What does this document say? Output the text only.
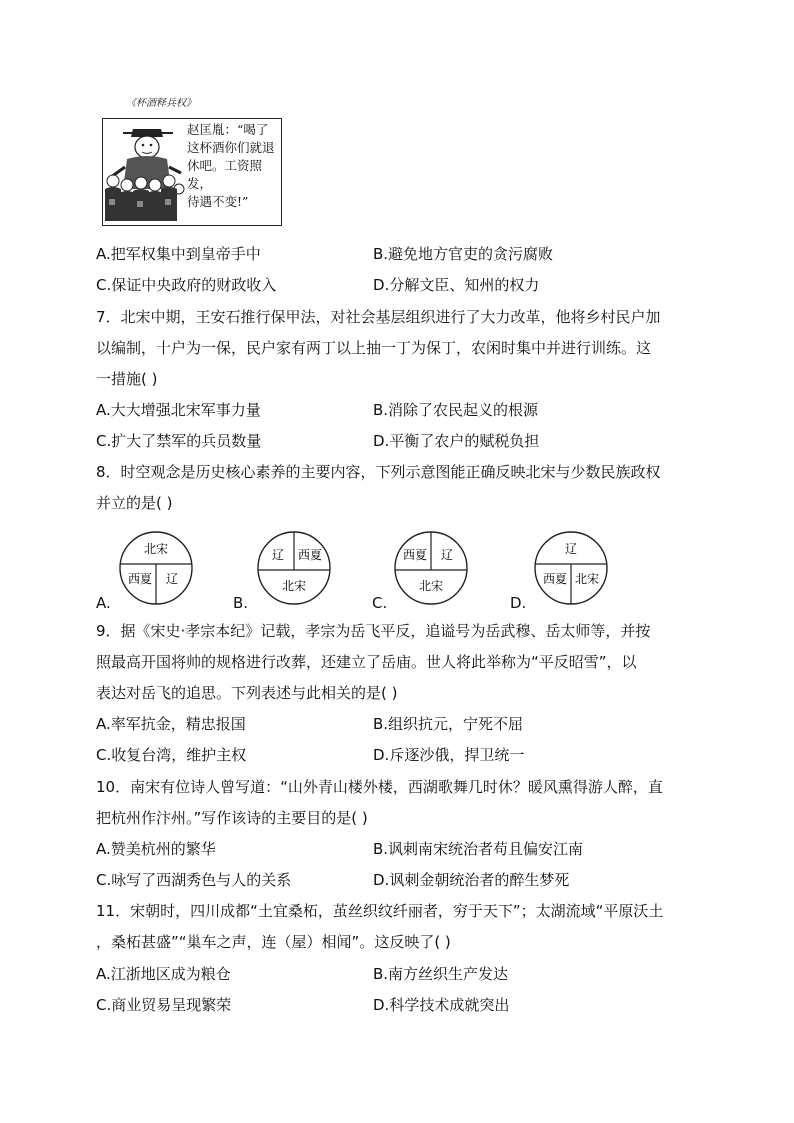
《杯酒释兵权》
赵匡胤：“喝了
这杯酒你们就退
休吧。工资照发，
待遇不变!”
A.把军权集中到皇帝手中	B.避免地方官吏的贪污腐败
C.保证中央政府的财政收入	D.分解文臣、知州的权力
7．北宋中期，王安石推行保甲法，对社会基层组织进行了大力改革，他将乡村民户加
以编制，十户为一保，民户家有两丁以上抽一丁为保丁，农闲时集中并进行训练。这
一措施( )
A.大大增强北宋军事力量	B.消除了农民起义的根源
C.扩大了禁军的兵员数量	D.平衡了农户的赋税负担
8．时空观念是历史核心素养的主要内容，下列示意图能正确反映北宋与少数民族政权
并立的是( )
A.
北宋
西夏 辽
B.
辽 西夏
北宋
C.
西夏 辽
北宋
D.
辽
西夏 北宋
9．据《宋史·孝宗本纪》记载，孝宗为岳飞平反，追谥号为岳武穆、岳太师等，并按
照最高开国将帅的规格进行改葬，还建立了岳庙。世人将此举称为“平反昭雪”，以
表达对岳飞的追思。下列表述与此相关的是( )
A.率军抗金，精忠报国	B.组织抗元，宁死不屈
C.收复台湾，维护主权	D.斥逐沙俄，捍卫统一
10．南宋有位诗人曾写道：“山外青山楼外楼，西湖歌舞几时休？暖风熏得游人醉，直
把杭州作汴州。”写作该诗的主要目的是( )
A.赞美杭州的繁华	B.讽刺南宋统治者苟且偏安江南
C.咏写了西湖秀色与人的关系	D.讽刺金朝统治者的醉生梦死
11．宋朝时，四川成都“土宜桑柘，茧丝织纹纤丽者，穷于天下”；太湖流域“平原沃土
，桑柘甚盛”“巢车之声，连（屋）相闻”。这反映了( )
A.江浙地区成为粮仓	B.南方丝织生产发达
C.商业贸易呈现繁荣	D.科学技术成就突出
